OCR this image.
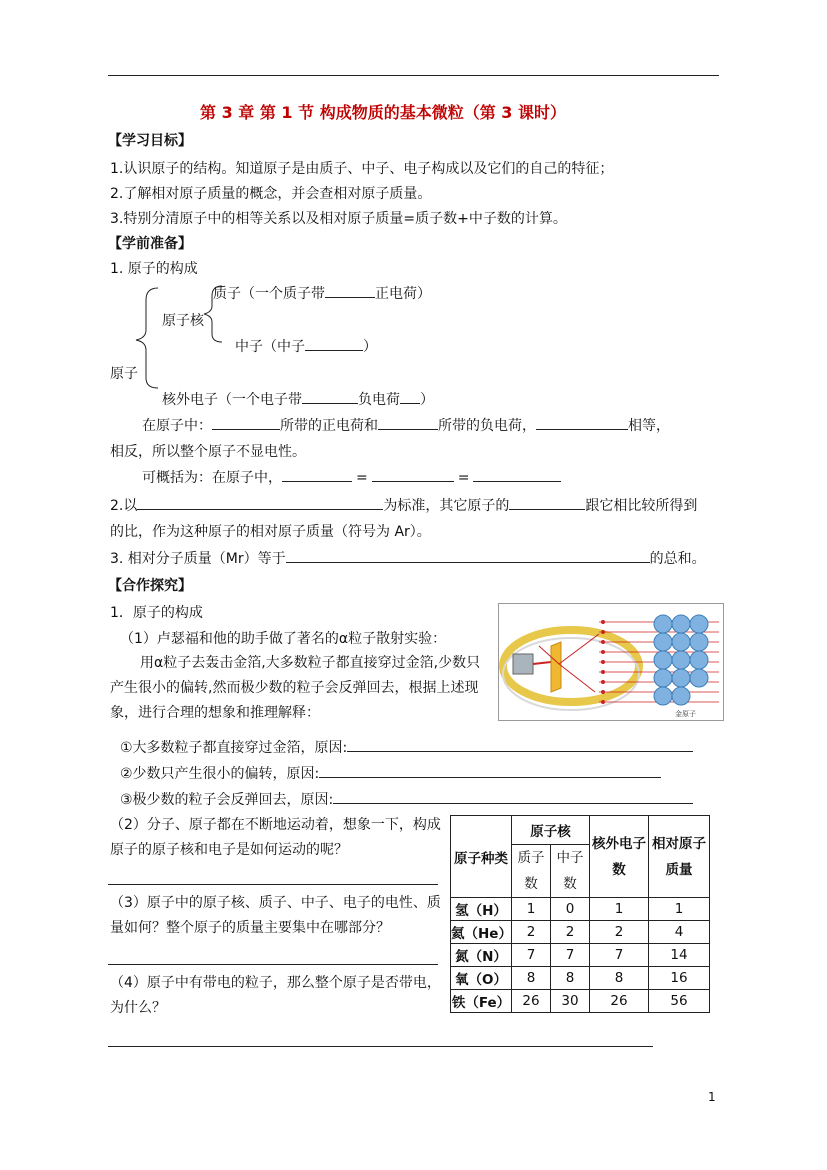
第 3 章 第 1 节 构成物质的基本微粒（第 3 课时）
【学习目标】
1.认识原子的结构。知道原子是由质子、中子、电子构成以及它们的自己的特征；
2.了解相对原子质量的概念，并会查相对原子质量。
3.特别分清原子中的相等关系以及相对原子质量=质子数+中子数的计算。
【学前准备】
1. 原子的构成
质子（一个质子带	正电荷）
原子核
中子（中子	）
原子
核外电子（一个电子带	负电荷 ）
在原子中：	所带的正电荷和	所带的负电荷，	相等，
相反，所以整个原子不显电性。
可概括为：在原子中，	=	=
2.以	为标准，其它原子的	跟它相比较所得到
的比，作为这种原子的相对原子质量（符号为 Ar）。
3. 相对分子质量（Mr）等于	的总和。
【合作探究】
1．原子的构成
（1）卢瑟福和他的助手做了著名的α粒子散射实验：
用α粒子去轰击金箔,大多数粒子都直接穿过金箔,少数只产生很小的偏转,然而极少数的粒子会反弹回去，根据上述现象，进行合理的想象和推理解释：	金原子
①大多数粒子都直接穿过金箔，原因:
②少数只产生很小的偏转，原因:
③极少数的粒子会反弹回去，原因:
（2）分子、原子都在不断地运动着，想象一下，构成原子的原子核和电子是如何运动的呢？
（3）原子中的原子核、质子、中子、电子的电性、质量如何？整个原子的质量主要集中在哪部分？
（4）原子中有带电的粒子，那么整个原子是否带电，为什么？
原子种类	原子核		核外电子数	相对原子质量
	质子数	中子数		
氢（H）	1	0	1	1
氦（He）	2	2	2	4
氮（N）	7	7	7	14
氧（O）	8	8	8	16
铁（Fe）	26	30	26	56
1
